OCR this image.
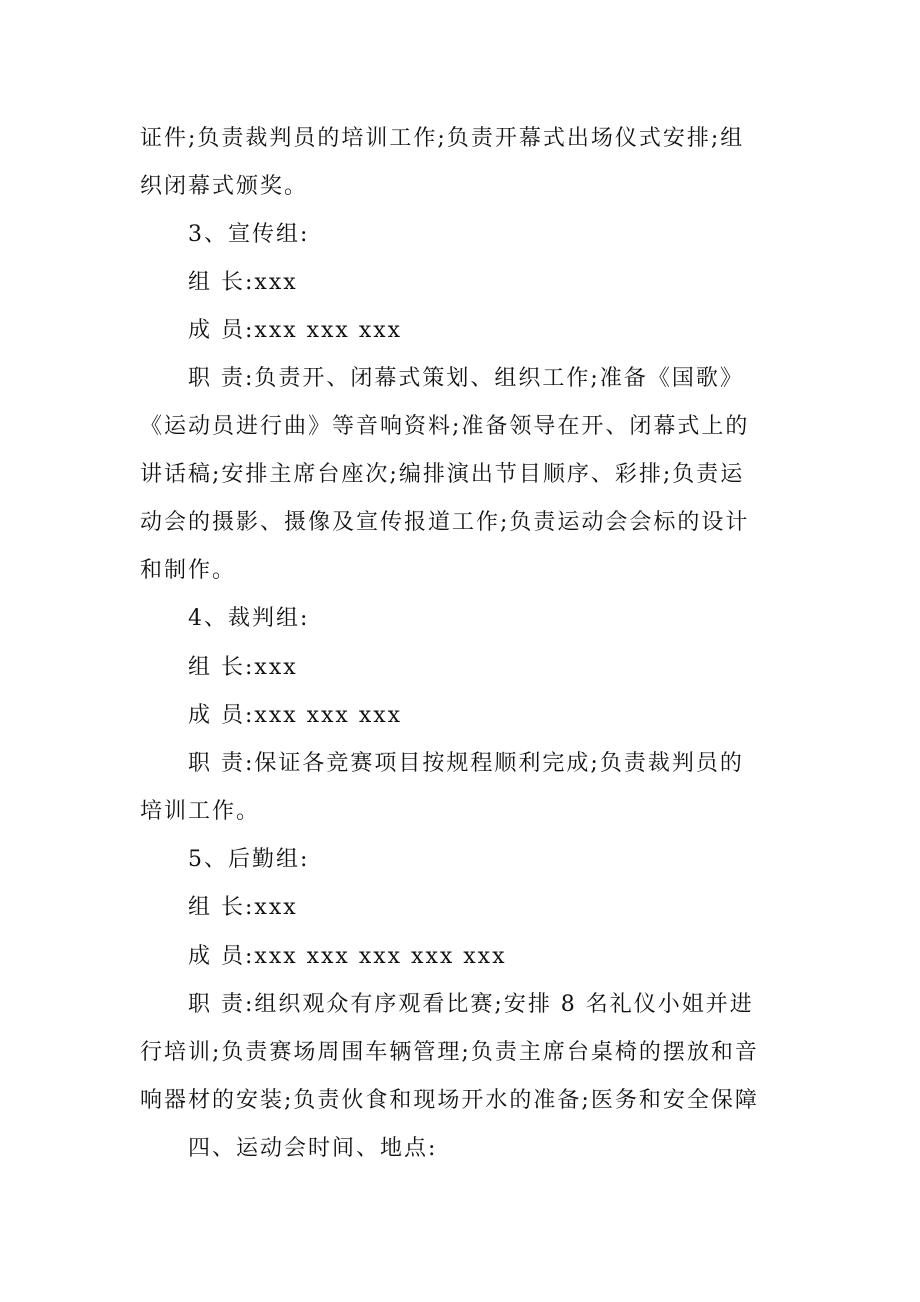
证件;负责裁判员的培训工作;负责开幕式出场仪式安排;组
织闭幕式颁奖。
3、宣传组:
组 长:xxx
成 员:xxx xxx xxx
职 责:负责开、闭幕式策划、组织工作;准备《国歌》
《运动员进行曲》等音响资料;准备领导在开、闭幕式上的
讲话稿;安排主席台座次;编排演出节目顺序、彩排;负责运
动会的摄影、摄像及宣传报道工作;负责运动会会标的设计
和制作。
4、裁判组:
组 长:xxx
成 员:xxx xxx xxx
职 责:保证各竞赛项目按规程顺利完成;负责裁判员的
培训工作。
5、后勤组:
组 长:xxx
成 员:xxx xxx xxx xxx xxx
职 责:组织观众有序观看比赛;安排 8 名礼仪小姐并进
行培训;负责赛场周围车辆管理;负责主席台桌椅的摆放和音
响器材的安装;负责伙食和现场开水的准备;医务和安全保障
四、运动会时间、地点:
